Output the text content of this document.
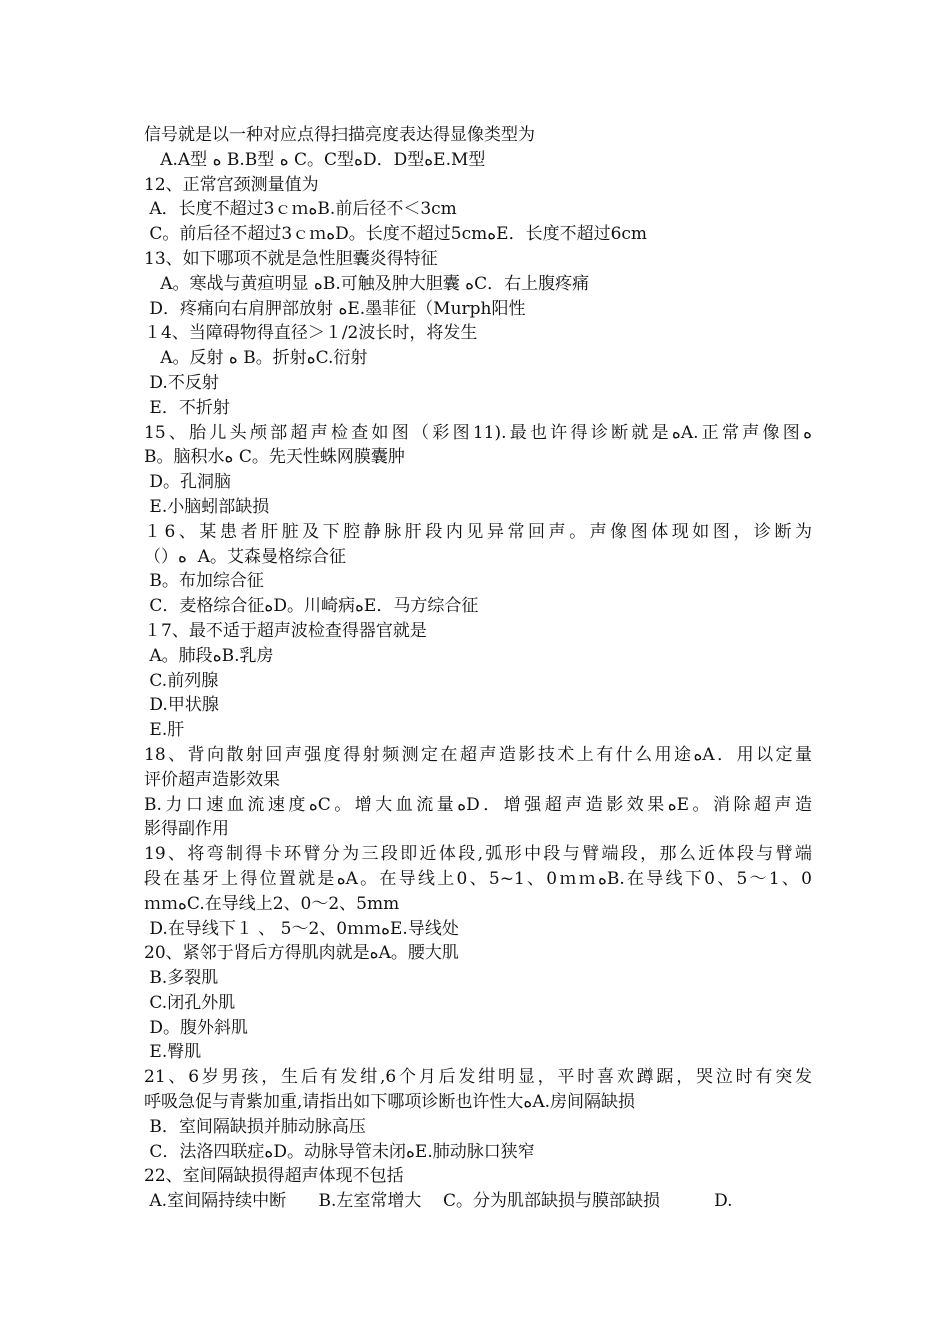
信号就是以一种对应点得扫描亮度表达得显像类型为
A.A型 ﻩ B.B型 ﻩ C。C型ﻩD．D型ﻩE.M型
12、正常宫颈测量值为
A．长度不超过3ｃｍﻩB.前后径不＜3cm
C。前后径不超过3ｃｍﻩD。长度不超过5cmﻩE．长度不超过6cm
13、如下哪项不就是急性胆囊炎得特征
A。寒战与黄疸明显 ﻩB.可触及肿大胆囊 ﻩC．右上腹疼痛
D．疼痛向右肩胛部放射 ﻩE.墨菲征（Murph阳性
１4、当障碍物得直径＞１/2波长时，将发生
A。反射 ﻩ B。折射ﻩC.衍射
D.不反射
E．不折射
15、胎儿头颅部超声检查如图（彩图11).最也许得诊断就是ﻩA.正常声像图ﻩ
B。脑积水ﻩ C。先天性蛛网膜囊肿
D。孔洞脑
E.小脑蚓部缺损
１6、某患者肝脏及下腔静脉肝段内见异常回声。声像图体现如图，诊断为
（）ﻩ  A。艾森曼格综合征
B。布加综合征
C．麦格综合征ﻩD。川崎病ﻩE．马方综合征
１7、最不适于超声波检查得器官就是
A。肺段ﻩB.乳房
C.前列腺
D.甲状腺
E.肝
18、背向散射回声强度得射频测定在超声造影技术上有什么用途ﻩA．用以定量
评价超声造影效果
B.力口速血流速度ﻩC。增大血流量ﻩD．增强超声造影效果ﻩE。消除超声造
影得副作用
19、将弯制得卡环臂分为三段即近体段,弧形中段与臂端段，那么近体段与臂端
段在基牙上得位置就是ﻩA。在导线上0、5~1、0ｍｍﻩB.在导线下0、5～1、0
ｍｍﻩC.在导线上2、0～2、5mm
D.在导线下１ 、 5～2、0ｍｍﻩE.导线处
20、紧邻于肾后方得肌肉就是ﻩA。腰大肌
B.多裂肌
C.闭孔外肌
D。腹外斜肌
E.臀肌
21、6岁男孩，生后有发绀,6个月后发绀明显，平时喜欢蹲踞，哭泣时有突发
呼吸急促与青紫加重,请指出如下哪项诊断也许性大ﻩA.房间隔缺损
B．室间隔缺损并肺动脉高压
C．法洛四联症ﻩD。动脉导管未闭ﻩE.肺动脉口狭窄
22、室间隔缺损得超声体现不包括
A.室间隔持续中断      B.左室常增大    C。分为肌部缺损与膜部缺损          D.
